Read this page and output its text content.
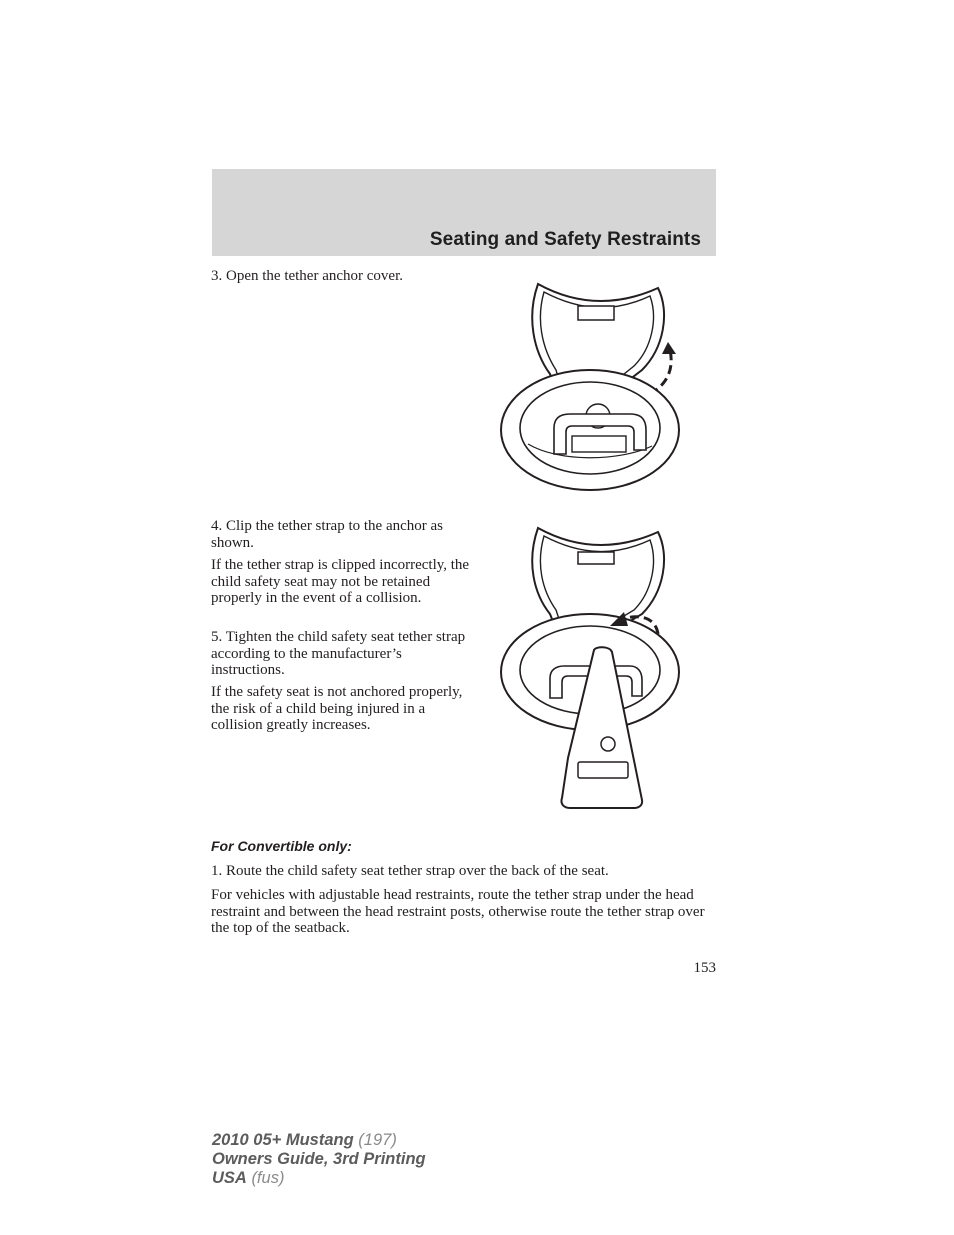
Seating and Safety Restraints

3. Open the tether anchor cover.

4. Clip the tether strap to the anchor as shown.

If the tether strap is clipped incorrectly, the child safety seat may not be retained properly in the event of a collision.

5. Tighten the child safety seat tether strap according to the manufacturer’s instructions.

If the safety seat is not anchored properly, the risk of a child being injured in a collision greatly increases.

For Convertible only:

1. Route the child safety seat tether strap over the back of the seat.

For vehicles with adjustable head restraints, route the tether strap under the head restraint and between the head restraint posts, otherwise route the tether strap over the top of the seatback.

153

2010 05+ Mustang (197)
Owners Guide, 3rd Printing
USA (fus)
